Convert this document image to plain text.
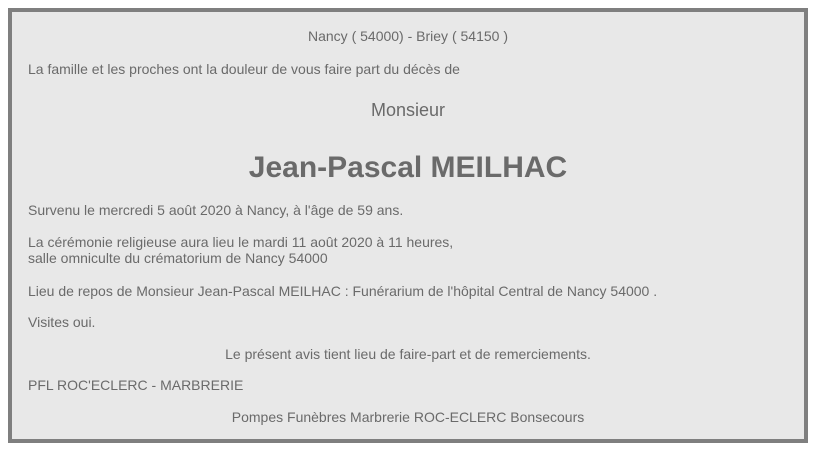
Nancy ( 54000) - Briey ( 54150 )
La famille et les proches ont la douleur de vous faire part du décès de
Monsieur
Jean-Pascal MEILHAC
Survenu le mercredi 5 août 2020 à Nancy, à l'âge de 59 ans.
La cérémonie religieuse aura lieu le mardi 11 août 2020 à 11 heures,
salle omniculte du crématorium de Nancy 54000
Lieu de repos de Monsieur Jean-Pascal MEILHAC : Funérarium de l'hôpital Central de Nancy 54000 .
Visites oui.
Le présent avis tient lieu de faire-part et de remerciements.
PFL ROC'ECLERC - MARBRERIE
Pompes Funèbres Marbrerie ROC-ECLERC Bonsecours
